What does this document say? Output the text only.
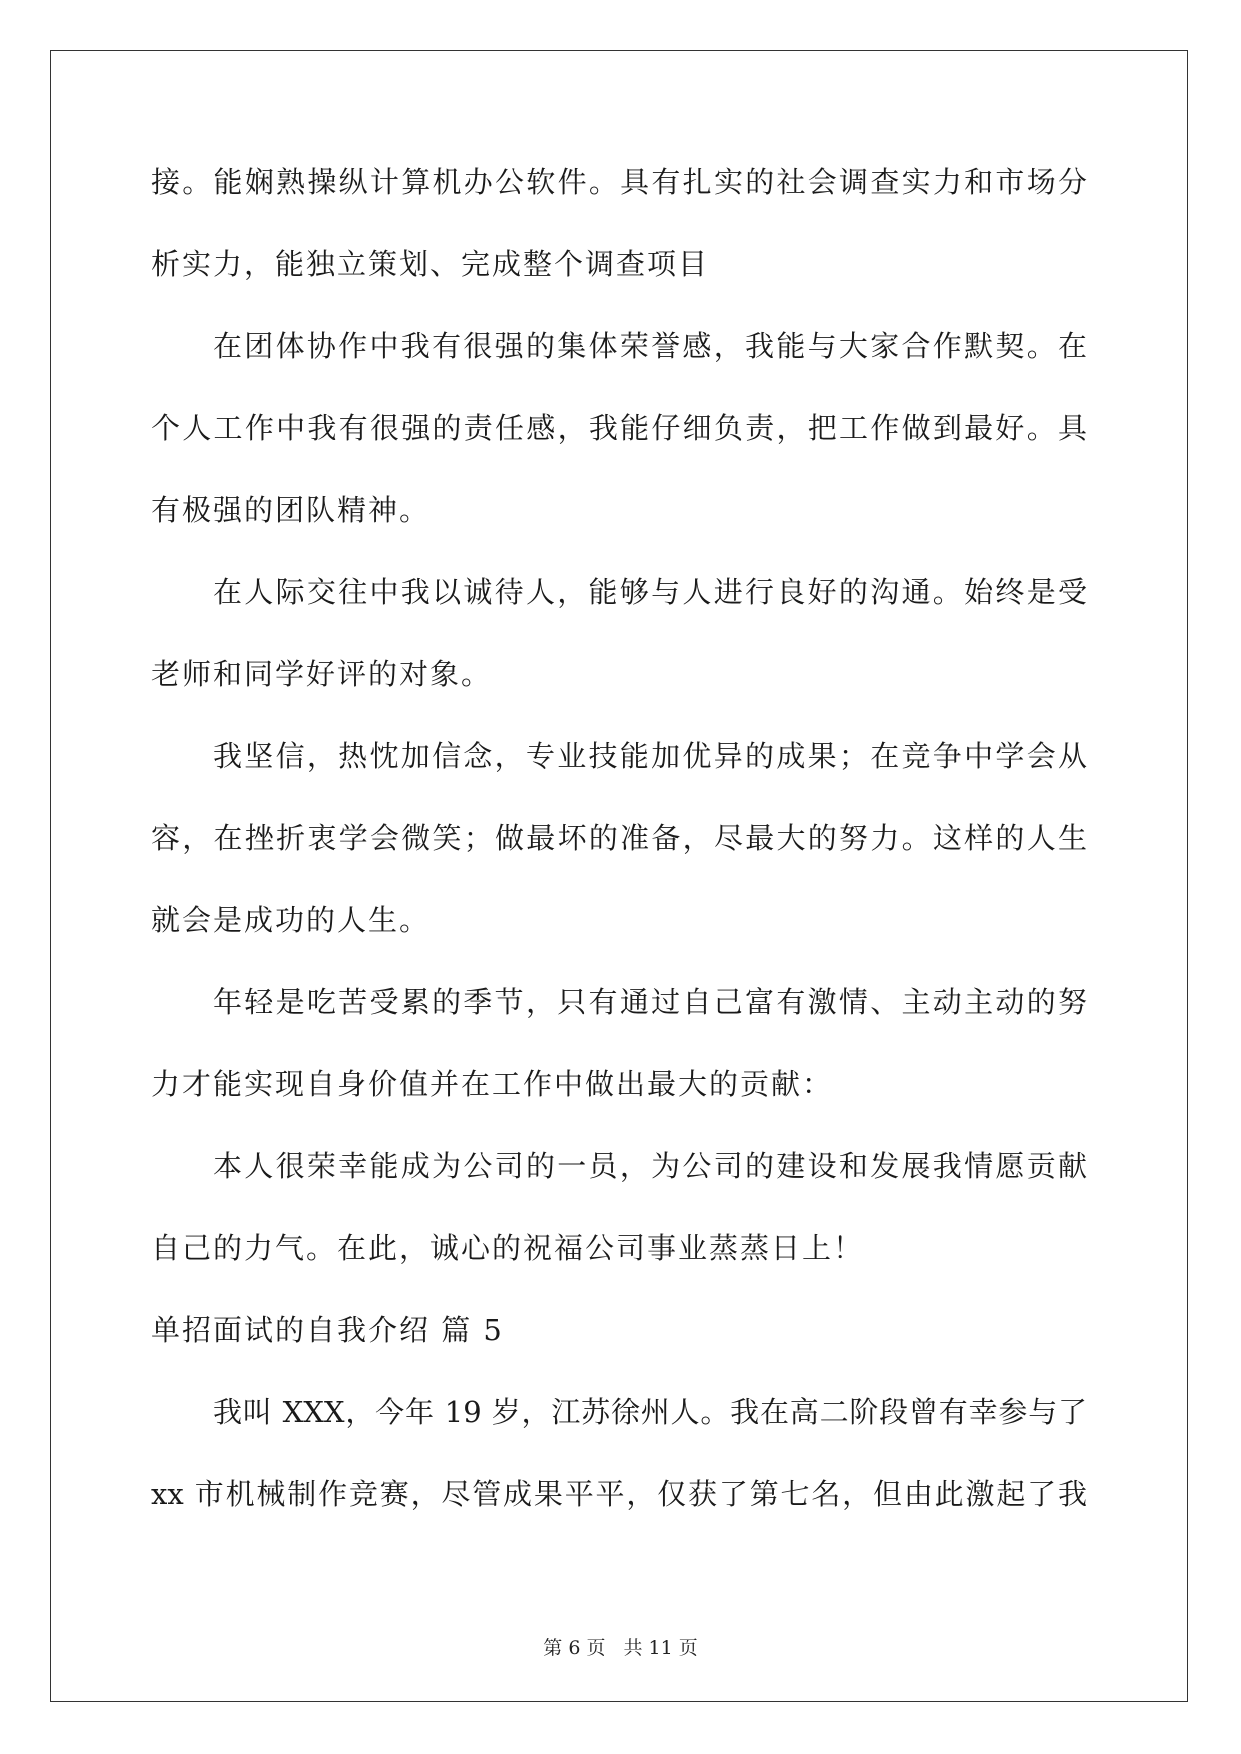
接。能娴熟操纵计算机办公软件。具有扎实的社会调查实力和市场分
析实力，能独立策划、完成整个调查项目
在团体协作中我有很强的集体荣誉感，我能与大家合作默契。在
个人工作中我有很强的责任感，我能仔细负责，把工作做到最好。具
有极强的团队精神。
在人际交往中我以诚待人，能够与人进行良好的沟通。始终是受
老师和同学好评的对象。
我坚信，热忱加信念，专业技能加优异的成果；在竞争中学会从
容，在挫折衷学会微笑；做最坏的准备，尽最大的努力。这样的人生
就会是成功的人生。
年轻是吃苦受累的季节，只有通过自己富有激情、主动主动的努
力才能实现自身价值并在工作中做出最大的贡献：
本人很荣幸能成为公司的一员，为公司的建设和发展我情愿贡献
自己的力气。在此，诚心的祝福公司事业蒸蒸日上！
单招面试的自我介绍 篇 5
我叫 XXX，今年 19 岁，江苏徐州人。我在高二阶段曾有幸参与了
xx 市机械制作竞赛，尽管成果平平，仅获了第七名，但由此激起了我
第 6 页 共 11 页
